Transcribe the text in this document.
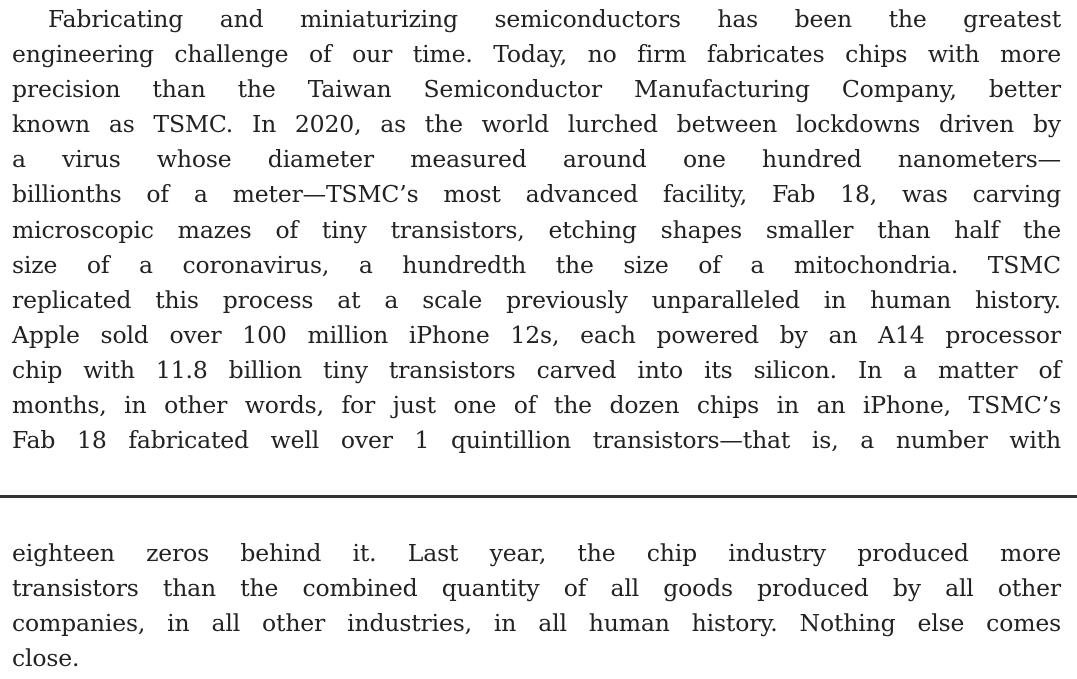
Fabricating and miniaturizing semiconductors has been the greatest
engineering challenge of our time. Today, no firm fabricates chips with more
precision than the Taiwan Semiconductor Manufacturing Company, better
known as TSMC. In 2020, as the world lurched between lockdowns driven by
a virus whose diameter measured around one hundred nanometers—
billionths of a meter—TSMC’s most advanced facility, Fab 18, was carving
microscopic mazes of tiny transistors, etching shapes smaller than half the
size of a coronavirus, a hundredth the size of a mitochondria. TSMC
replicated this process at a scale previously unparalleled in human history.
Apple sold over 100 million iPhone 12s, each powered by an A14 processor
chip with 11.8 billion tiny transistors carved into its silicon. In a matter of
months, in other words, for just one of the dozen chips in an iPhone, TSMC’s
Fab 18 fabricated well over 1 quintillion transistors—that is, a number with
eighteen zeros behind it. Last year, the chip industry produced more
transistors than the combined quantity of all goods produced by all other
companies, in all other industries, in all human history. Nothing else comes
close.
